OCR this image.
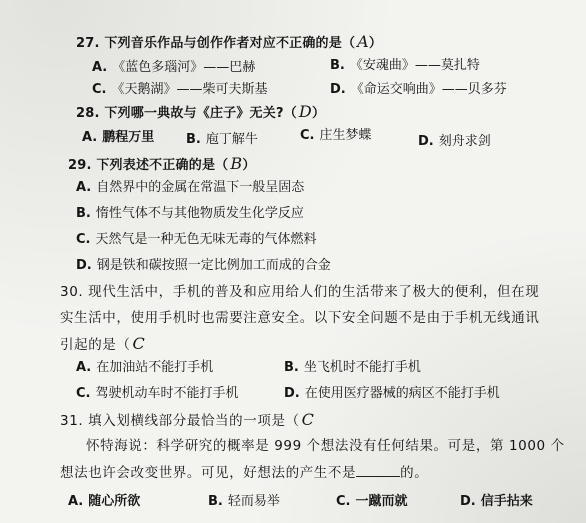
27. 下列音乐作品与创作作者对应不正确的是（ A）
A. 《蓝色多瑙河》——巴赫	B. 《安魂曲》——莫扎特
C. 《天鹅湖》——柴可夫斯基	D. 《命运交响曲》——贝多芬
28. 下列哪一典故与《庄子》无关?（ D）
A. 鹏程万里 B. 庖丁解牛	C. 庄生梦蝶	D. 刻舟求剑
29. 下列表述不正确的是（ B）
A. 自然界中的金属在常温下一般呈固态
B. 惰性气体不与其他物质发生化学反应
C. 天然气是一种无色无味无毒的气体燃料
D. 钢是铁和碳按照一定比例加工而成的合金
30. 现代生活中，手机的普及和应用给人们的生活带来了极大的便利，但在现
实生活中，使用手机时也需要注意安全。以下安全问题不是由于手机无线通讯
引起的是（ C
A. 在加油站不能打手机	B. 坐飞机时不能打手机
C. 驾驶机动车时不能打手机	D. 在使用医疗器械的病区不能打手机
31. 填入划横线部分最恰当的一项是（ C
怀特海说：科学研究的概率是 999 个想法没有任何结果。可是，第 1000 个
想法也许会改变世界。可见，好想法的产生不是	的。
A. 随心所欲	B. 轻而易举	C. 一蹴而就	D. 信手拈来
